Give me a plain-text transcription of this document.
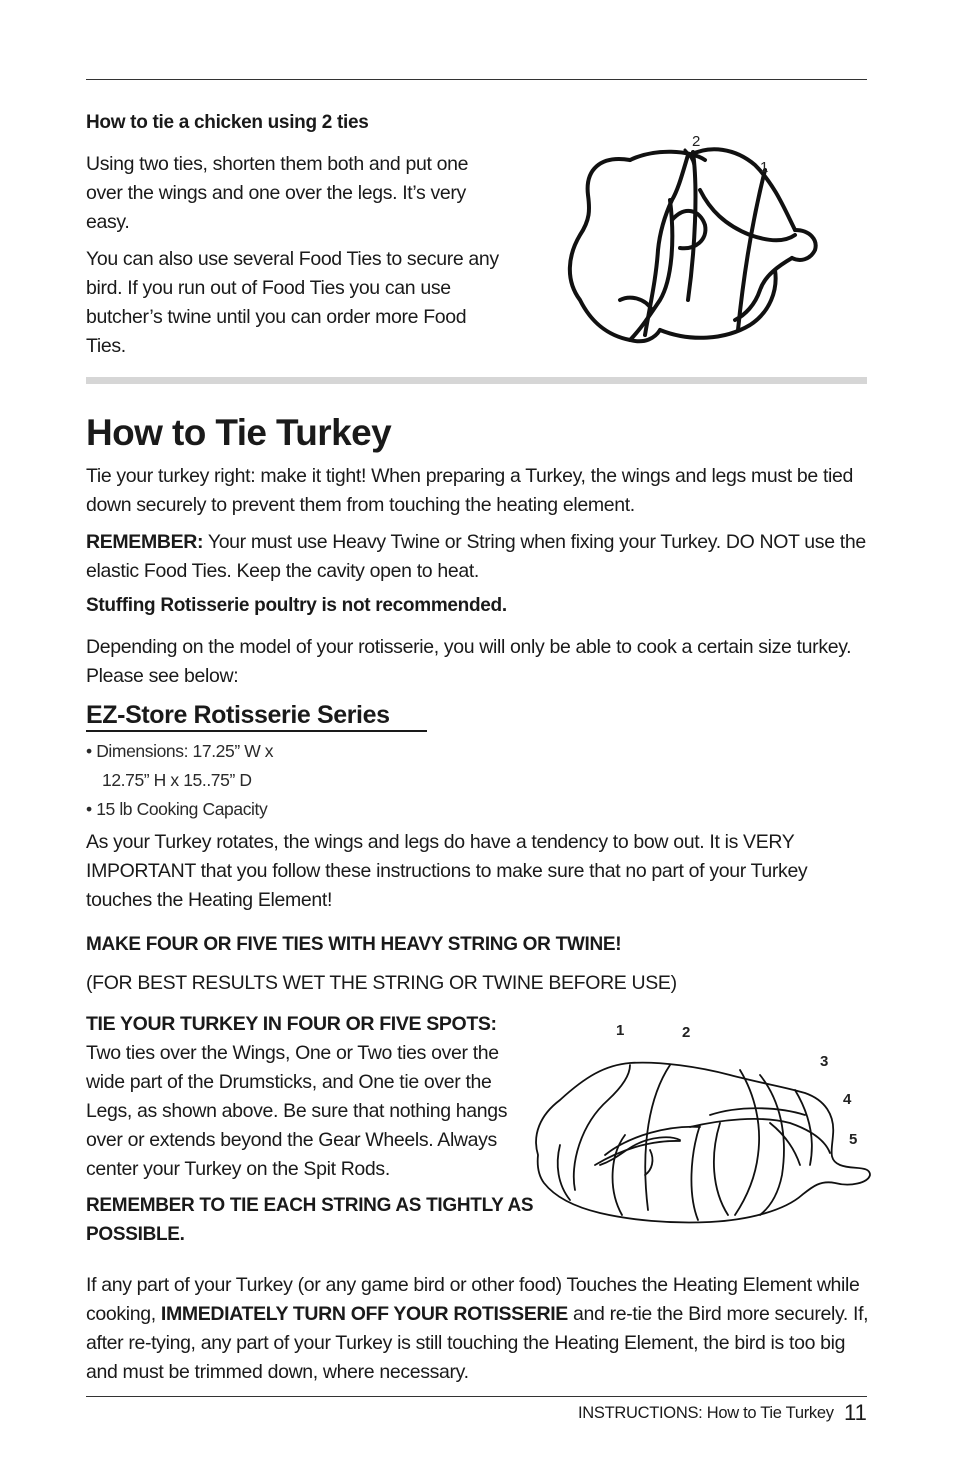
How to tie a chicken using 2 ties

Using two ties, shorten them both and put one over the wings and one over the legs. It’s very easy.

You can also use several Food Ties to secure any bird. If you run out of Food Ties you can use butcher’s twine until you can order more Food Ties.

2
1
How to Tie Turkey

Tie your turkey right: make it tight! When preparing a Turkey, the wings and legs must be tied down securely to prevent them from touching the heating element.

REMEMBER: Your must use Heavy Twine or String when fixing your Turkey. DO NOT use the elastic Food Ties. Keep the cavity open to heat.

Stuffing Rotisserie poultry is not recommended.

Depending on the model of your rotisserie, you will only be able to cook a certain size turkey. Please see below:

EZ-Store Rotisserie Series
• Dimensions: 17.25” W x
12.75” H x 15..75” D
• 15 lb Cooking Capacity

As your Turkey rotates, the wings and legs do have a tendency to bow out. It is VERY IMPORTANT that you follow these instructions to make sure that no part of your Turkey touches the Heating Element!

MAKE FOUR OR FIVE TIES WITH HEAVY STRING OR TWINE!
(FOR BEST RESULTS WET THE STRING OR TWINE BEFORE USE)

TIE YOUR TURKEY IN FOUR OR FIVE SPOTS: Two ties over the Wings, One or Two ties over the wide part of the Drumsticks, and One tie over the Legs, as shown above. Be sure that nothing hangs over or extends beyond the Gear Wheels. Always center your Turkey on the Spit Rods.

REMEMBER TO TIE EACH STRING AS TIGHTLY AS POSSIBLE.

1	2
3
4
5

If any part of your Turkey (or any game bird or other food) Touches the Heating Element while cooking, IMMEDIATELY TURN OFF YOUR ROTISSERIE and re-tie the Bird more securely. If, after re-tying, any part of your Turkey is still touching the Heating Element, the bird is too big and must be trimmed down, where necessary.

INSTRUCTIONS: How to Tie Turkey 11
